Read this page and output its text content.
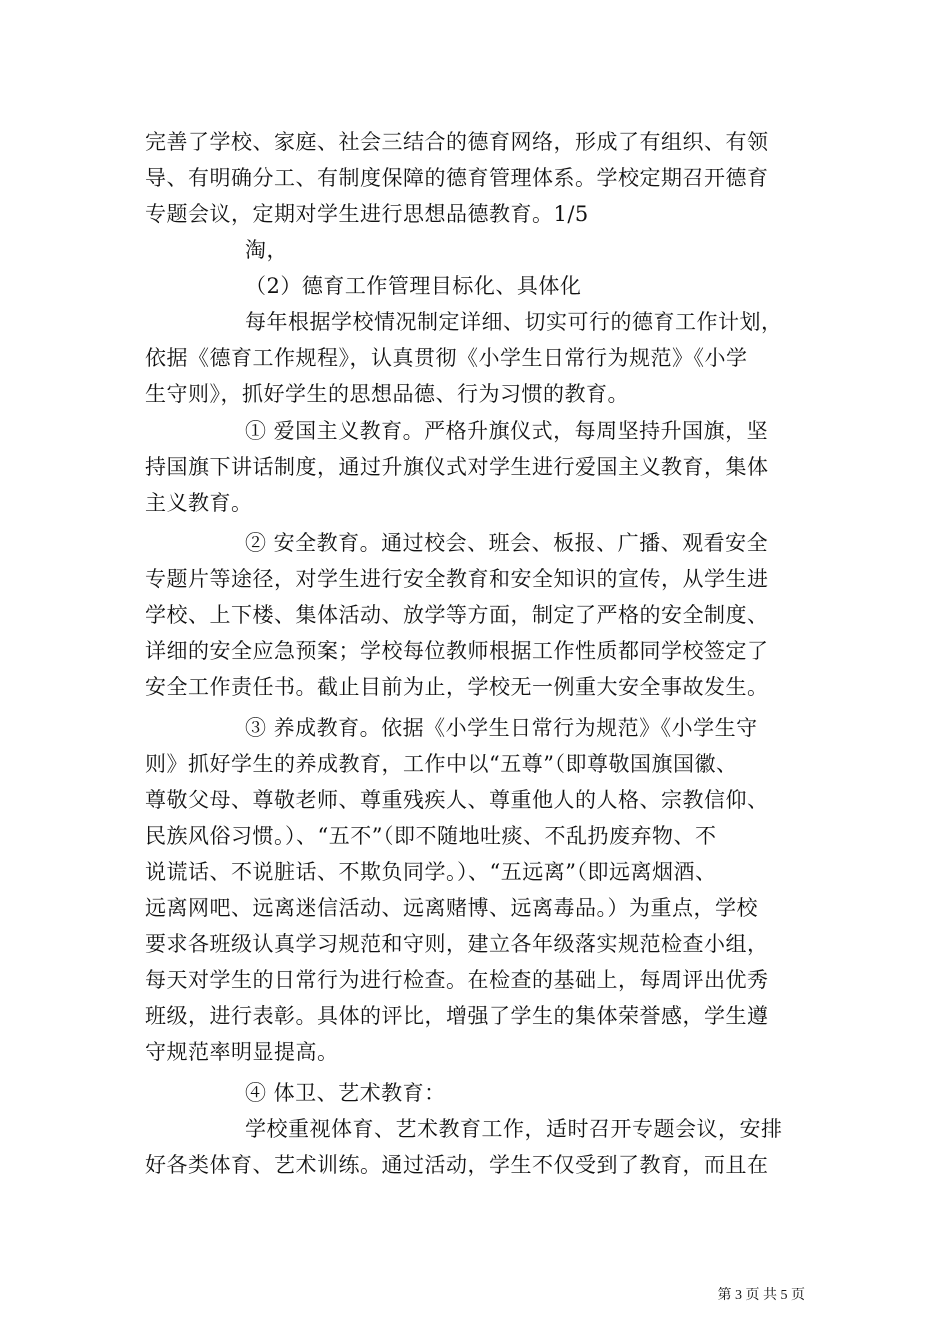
完善了学校、家庭、社会三结合的德育网络，形成了有组织、有领
导、有明确分工、有制度保障的德育管理体系。学校定期召开德育
专题会议，定期对学生进行思想品德教育。1/5
淘，
（2）德育工作管理目标化、具体化
每年根据学校情况制定详细、切实可行的德育工作计划，
依据《德育工作规程》，认真贯彻《小学生日常行为规范》《小学
生守则》，抓好学生的思想品德、行为习惯的教育。
① 爱国主义教育。严格升旗仪式，每周坚持升国旗，坚
持国旗下讲话制度，通过升旗仪式对学生进行爱国主义教育，集体
主义教育。
② 安全教育。通过校会、班会、板报、广播、观看安全
专题片等途径，对学生进行安全教育和安全知识的宣传，从学生进
学校、上下楼、集体活动、放学等方面，制定了严格的安全制度、
详细的安全应急预案；学校每位教师根据工作性质都同学校签定了
安全工作责任书。截止目前为止，学校无一例重大安全事故发生。
③ 养成教育。依据《小学生日常行为规范》《小学生守
则》抓好学生的养成教育，工作中以“五尊”（即尊敬国旗国徽、
尊敬父母、尊敬老师、尊重残疾人、尊重他人的人格、宗教信仰、
民族风俗习惯。）、“五不”（即不随地吐痰、不乱扔废弃物、不
说谎话、不说脏话、不欺负同学。）、“五远离”（即远离烟酒、
远离网吧、远离迷信活动、远离赌博、远离毒品。）为重点，学校
要求各班级认真学习规范和守则，建立各年级落实规范检查小组，
每天对学生的日常行为进行检查。在检查的基础上，每周评出优秀
班级，进行表彰。具体的评比，增强了学生的集体荣誉感，学生遵
守规范率明显提高。
④ 体卫、艺术教育：
学校重视体育、艺术教育工作，适时召开专题会议，安排
好各类体育、艺术训练。通过活动，学生不仅受到了教育，而且在
第 3 页 共 5 页
